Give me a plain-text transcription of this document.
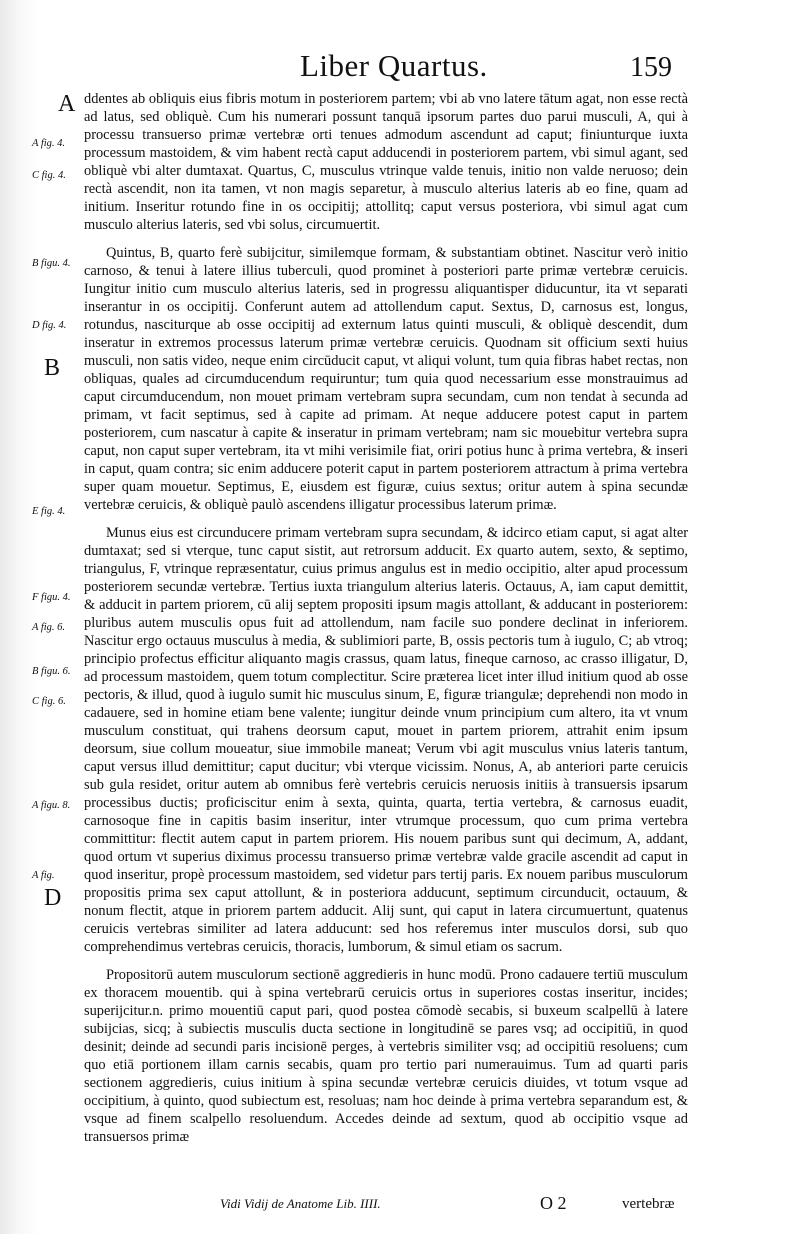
Liber Quartus.	159
A
B
D
A fig. 4.
C fig. 4.
B figu. 4.
D fig. 4.
E fig. 4.
F figu. 4.
A fig. 6.
B figu. 6.
C fig. 6.
A figu. 8.
A fig.

ddentes ab obliquis eius fibris motum in posteriorem partem; vbi ab vno latere tātum agat, non esse rectà ad latus, sed obliquè. Cum his numerari possunt tanquā ipsorum partes duo parui musculi, A, qui à processu transuerso primæ vertebræ orti tenues admodum ascendunt ad caput; finiunturque iuxta processum mastoidem, & vim habent rectà caput adducendi in posteriorem partem, vbi simul agant, sed obliquè vbi alter dumtaxat. Quartus, C, musculus vtrinque valde tenuis, initio non valde neruoso; dein rectà ascendit, non ita tamen, vt non magis separetur, à musculo alterius lateris ab eo fine, quam ad initium. Inseritur rotundo fine in os occipitij; attollitq; caput versus posteriora, vbi simul agat cum musculo alterius lateris, sed vbi solus, circumuertit.

Quintus, B, quarto ferè subijcitur, similemque formam, & substantiam obtinet. Nascitur verò initio carnoso, & tenui à latere illius tuberculi, quod prominet à posteriori parte primæ vertebræ ceruicis. Iungitur initio cum musculo alterius lateris, sed in progressu aliquantisper diducuntur, ita vt separati inserantur in os occipitij. Conferunt autem ad attollendum caput. Sextus, D, carnosus est, longus, rotundus, nasciturque ab osse occipitij ad externum latus quinti musculi, & obliquè descendit, dum inseratur in extremos processus laterum primæ vertebræ ceruicis. Quodnam sit officium sexti huius musculi, non satis video, neque enim circūducit caput, vt aliqui volunt, tum quia fibras habet rectas, non obliquas, quales ad circumducendum requiruntur; tum quia quod necessarium esse monstrauimus ad caput circumducendum, non mouet primam vertebram supra secundam, cum non tendat à secunda ad primam, vt facit septimus, sed à capite ad primam. At neque adducere potest caput in partem posteriorem, cum nascatur à capite & inseratur in primam vertebram; nam sic mouebitur vertebra supra caput, non caput super vertebram, ita vt mihi verisimile fiat, oriri potius hunc à prima vertebra, & inseri in caput, quam contra; sic enim adducere poterit caput in partem posteriorem attractum à prima vertebra super quam mouetur. Septimus, E, eiusdem est figuræ, cuius sextus; oritur autem à spina secundæ vertebræ ceruicis, & obliquè paulò ascendens illigatur processibus laterum primæ.

Munus eius est circunducere primam vertebram supra secundam, & idcirco etiam caput, si agat alter dumtaxat; sed si vterque, tunc caput sistit, aut retrorsum adducit. Ex quarto autem, sexto, & septimo, triangulus, F, vtrinque repræsentatur, cuius primus angulus est in medio occipitio, alter apud processum posteriorem secundæ vertebræ. Tertius iuxta triangulum alterius lateris. Octauus, A, iam caput demittit, & adducit in partem priorem, cū alij septem propositi ipsum magis attollant, & adducant in posteriorem: pluribus autem musculis opus fuit ad attollendum, nam facile suo pondere declinat in inferiorem. Nascitur ergo octauus musculus à media, & sublimiori parte, B, ossis pectoris tum à iugulo, C; ab vtroq; principio profectus efficitur aliquanto magis crassus, quam latus, fineque carnoso, ac crasso illigatur, D, ad processum mastoidem, quem totum complectitur. Scire præterea licet inter illud initium quod ab osse pectoris, & illud, quod à iugulo sumit hic musculus sinum, E, figuræ triangulæ; deprehendi non modo in cadauere, sed in homine etiam bene valente; iungitur deinde vnum principium cum altero, ita vt vnum musculum constituat, qui trahens deorsum caput, mouet in partem priorem, attrahit enim ipsum deorsum, siue collum moueatur, siue immobile maneat; Verum vbi agit musculus vnius lateris tantum, caput versus illud demittitur; caput ducitur; vbi vterque vicissim. Nonus, A, ab anteriori parte ceruicis sub gula residet, oritur autem ab omnibus ferè vertebris ceruicis neruosis initiis à transuersis ipsarum processibus ductis; proficiscitur enim à sexta, quinta, quarta, tertia vertebra, & carnosus euadit, carnosoque fine in capitis basim inseritur, inter vtrumque processum, quo cum prima vertebra committitur: flectit autem caput in partem priorem. His nouem paribus sunt qui decimum, A, addant, quod ortum vt superius diximus processu transuerso primæ vertebræ valde gracile ascendit ad caput in quod inseritur, propè processum mastoidem, sed videtur pars tertij paris. Ex nouem paribus musculorum propositis prima sex caput attollunt, & in posteriora adducunt, septimum circunducit, octauum, & nonum flectit, atque in priorem partem adducit. Alij sunt, qui caput in latera circumuertunt, quatenus ceruicis vertebras similiter ad latera adducunt: sed hos referemus inter musculos dorsi, sub quo comprehendimus vertebras ceruicis, thoracis, lumborum, & simul etiam os sacrum.

Propositorū autem musculorum sectionē aggredieris in hunc modū. Prono cadauere tertiū musculum ex thoracem mouentib. qui à spina vertebrarū ceruicis ortus in superiores costas inseritur, incides; superijcitur.n. primo mouentiū caput pari, quod postea cōmodè secabis, si buxeum scalpellū à latere subijcias, sicq; à subiectis musculis ducta sectione in longitudinē se pares vsq; ad occipitiū, in quod desinit; deinde ad secundi paris incisionē perges, à vertebris similiter vsq; ad occipitiū resoluens; cum quo etiā portionem illam carnis secabis, quam pro tertio pari numerauimus. Tum ad quarti paris sectionem aggredieris, cuius initium à spina secundæ vertebræ ceruicis diuides, vt totum vsque ad occipitium, à quinto, quod subiectum est, resoluas; nam hoc deinde à prima vertebra separandum est, & vsque ad finem scalpello resoluendum. Accedes deinde ad sextum, quod ab occipitio vsque ad transuersos primæ

Vidi Vidij de Anatome Lib. IIII.	O 2	vertebræ
